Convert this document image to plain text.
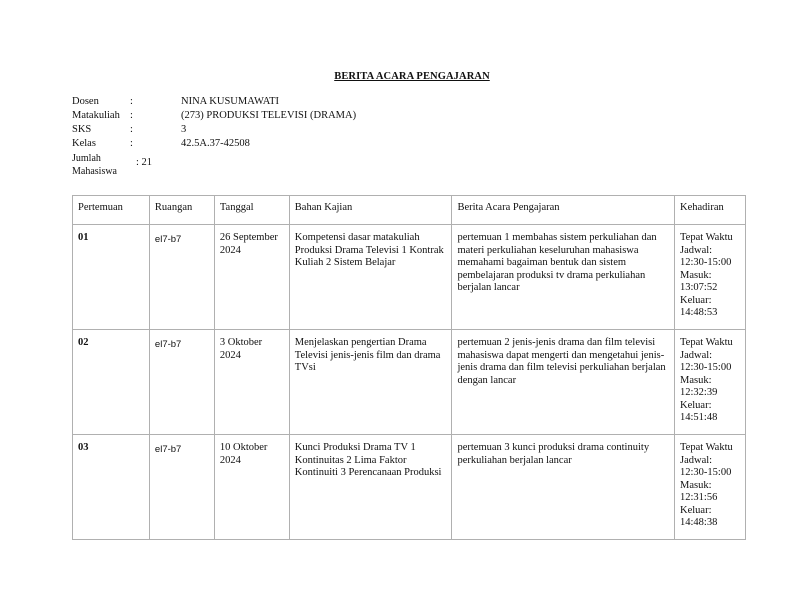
BERITA ACARA PENGAJARAN
Dosen	:	NINA KUSUMAWATI
Matakuliah :	(273) PRODUKSI TELEVISI (DRAMA)
SKS	:	3
Kelas	:	42.5A.37-42508
Jumlah Mahasiswa
: 21
Pertemuan	Ruangan	Tanggal	Bahan Kajian	Berita Acara Pengajaran	Kehadiran
01	el7-b7	26 September 2024	Kompetensi dasar matakuliah Produksi Drama Televisi 1 Kontrak Kuliah 2 Sistem Belajar	pertemuan 1 membahas sistem perkuliahan dan materi perkuliahan keseluruhan mahasiswa memahami bagaiman bentuk dan sistem pembelajaran produksi tv drama perkuliahan berjalan lancar	Tepat Waktu
Jadwal: 12:30-15:00
Masuk: 13:07:52
Keluar: 14:48:53

02	el7-b7	3 Oktober 2024	Menjelaskan pengertian Drama Televisi jenis-jenis film dan drama TVsi	pertemuan 2 jenis-jenis drama dan film televisi mahasiswa dapat mengerti dan mengetahui jenis-jenis drama dan film televisi perkuliahan berjalan dengan lancar	Tepat Waktu
Jadwal: 12:30-15:00
Masuk: 12:32:39
Keluar: 14:51:48

03	el7-b7	10 Oktober 2024	Kunci Produksi Drama TV 1 Kontinuitas 2 Lima Faktor Kontinuiti 3 Perencanaan Produksi	pertemuan 3 kunci produksi drama continuity perkuliahan berjalan lancar	Tepat Waktu
Jadwal: 12:30-15:00
Masuk: 12:31:56
Keluar: 14:48:38
